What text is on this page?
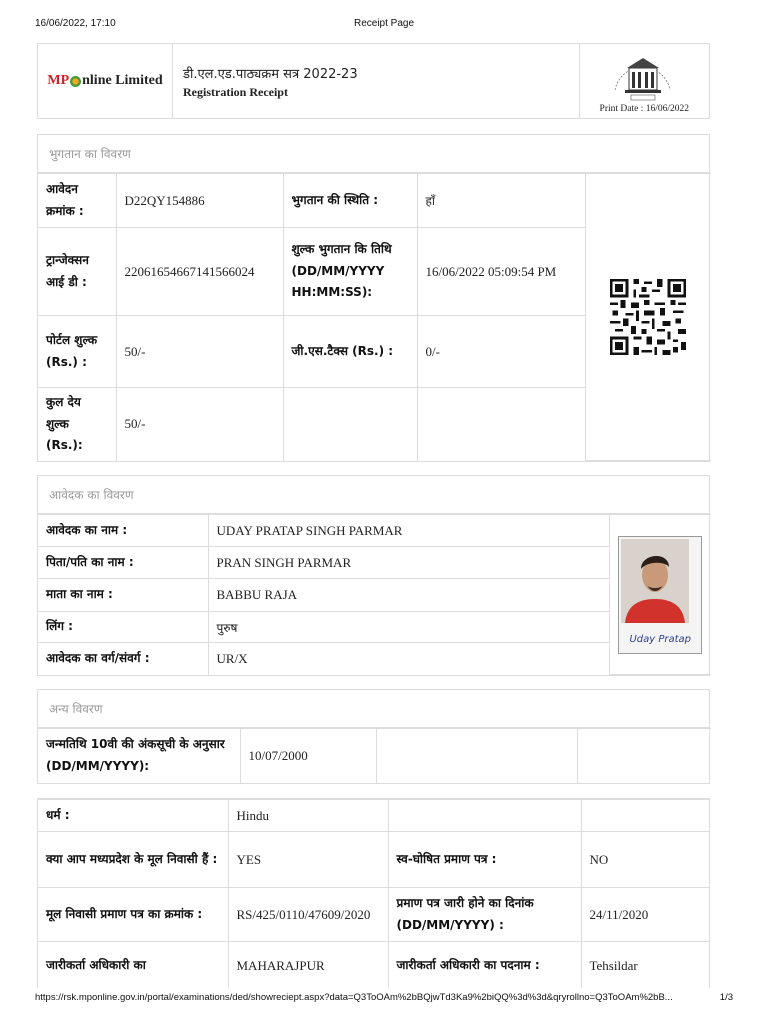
16/06/2022, 17:10	Receipt Page
MP nline Limited डी.एल.एड.पाठ्यक्रम सत्र 2022-23
Registration Receipt
Print Date : 16/06/2022
भुगतान का विवरण
आवेदन क्रमांक :	D22QY154886	भुगतान की स्थिति :	हाँ	

ट्रान्जेक्सन आई डी :	22061654667141566024	शुल्क भुगतान कि तिथि (DD/MM/YYYY HH:MM:SS):	16/06/2022 05:09:54 PM	
पोर्टल शुल्क (Rs.) :	50/-	जी.एस.टैक्स (Rs.) :	0/-	
कुल देय शुल्क (Rs.):	50/-			
आवेदक का विवरण
आवेदक का नाम :	UDAY PRATAP SINGH PARMAR	Uday Pratap

पिता/पति का नाम :	PRAN SINGH PARMAR	
माता का नाम :	BABBU RAJA	
लिंग :	पुरुष	
आवेदक का वर्ग/संवर्ग :	UR/X	
अन्य विवरण
जन्मतिथि 10वी की अंकसूची के अनुसार (DD/MM/YYYY):	10/07/2000		
धर्म :	Hindu		
क्या आप मध्यप्रदेश के मूल निवासी हैं :	YES	स्व-घोषित प्रमाण पत्र :	NO
मूल निवासी प्रमाण पत्र का क्रमांक :	RS/425/0110/47609/2020	प्रमाण पत्र जारी होने का दिनांक (DD/MM/YYYY) :	24/11/2020
जारीकर्ता अधिकारी का	MAHARAJPUR	जारीकर्ता अधिकारी का पदनाम :	Tehsildar
https://rsk.mponline.gov.in/portal/examinations/ded/showreciept.aspx?data=Q3ToOAm%2bBQjwTd3Ka9%2biQQ%3d%3d&qryrollno=Q3ToOAm%2bB...	1/3
